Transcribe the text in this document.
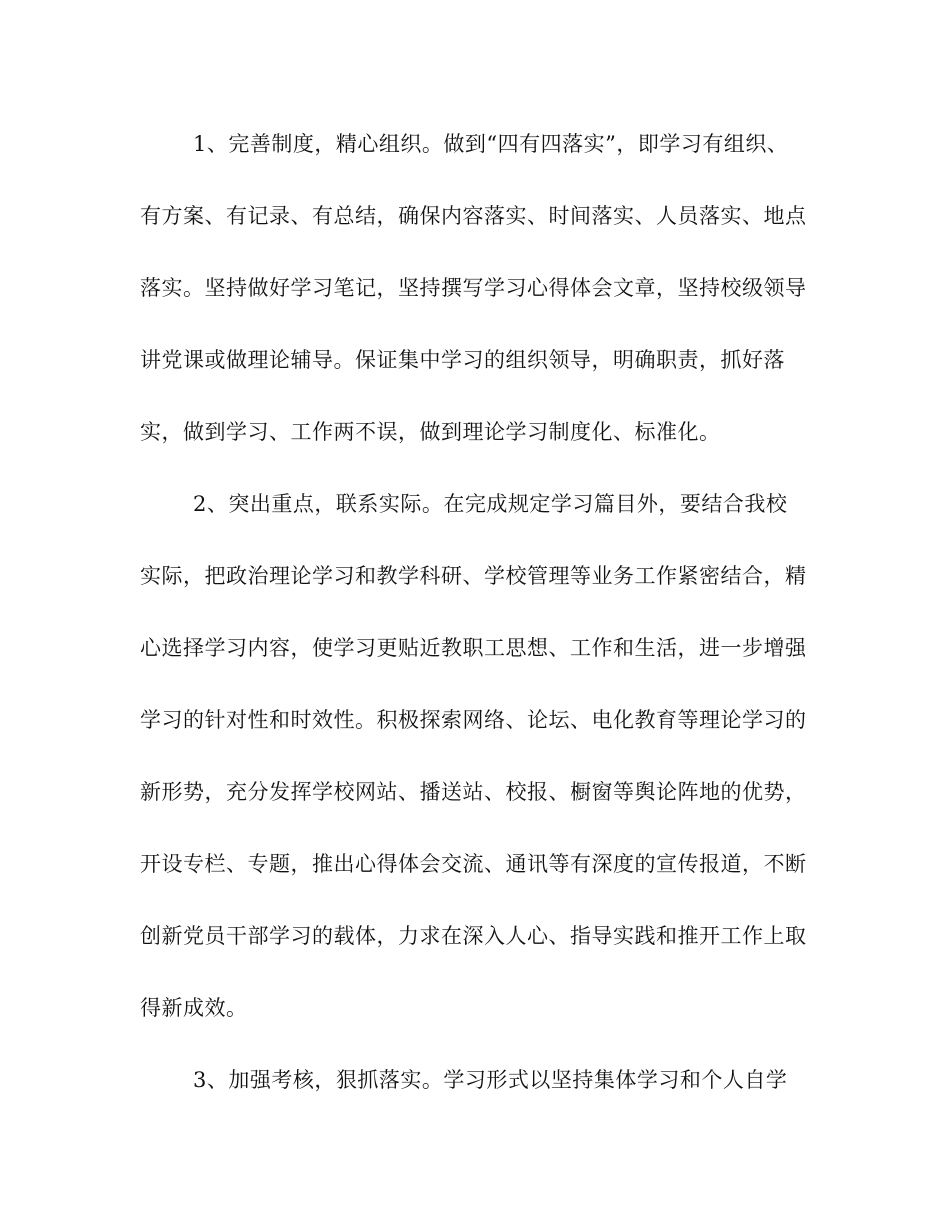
1、完善制度，精心组织。做到“四有四落实”，即学习有组织、

有方案、有记录、有总结，确保内容落实、时间落实、人员落实、地点

落实。坚持做好学习笔记，坚持撰写学习心得体会文章，坚持校级领导

讲党课或做理论辅导。保证集中学习的组织领导，明确职责，抓好落

实，做到学习、工作两不误，做到理论学习制度化、标准化。

2、突出重点，联系实际。在完成规定学习篇目外，要结合我校

实际，把政治理论学习和教学科研、学校管理等业务工作紧密结合，精

心选择学习内容，使学习更贴近教职工思想、工作和生活，进一步增强

学习的针对性和时效性。积极探索网络、论坛、电化教育等理论学习的

新形势，充分发挥学校网站、播送站、校报、橱窗等舆论阵地的优势，

开设专栏、专题，推出心得体会交流、通讯等有深度的宣传报道，不断

创新党员干部学习的载体，力求在深入人心、指导实践和推开工作上取

得新成效。

3、加强考核，狠抓落实。学习形式以坚持集体学习和个人自学
